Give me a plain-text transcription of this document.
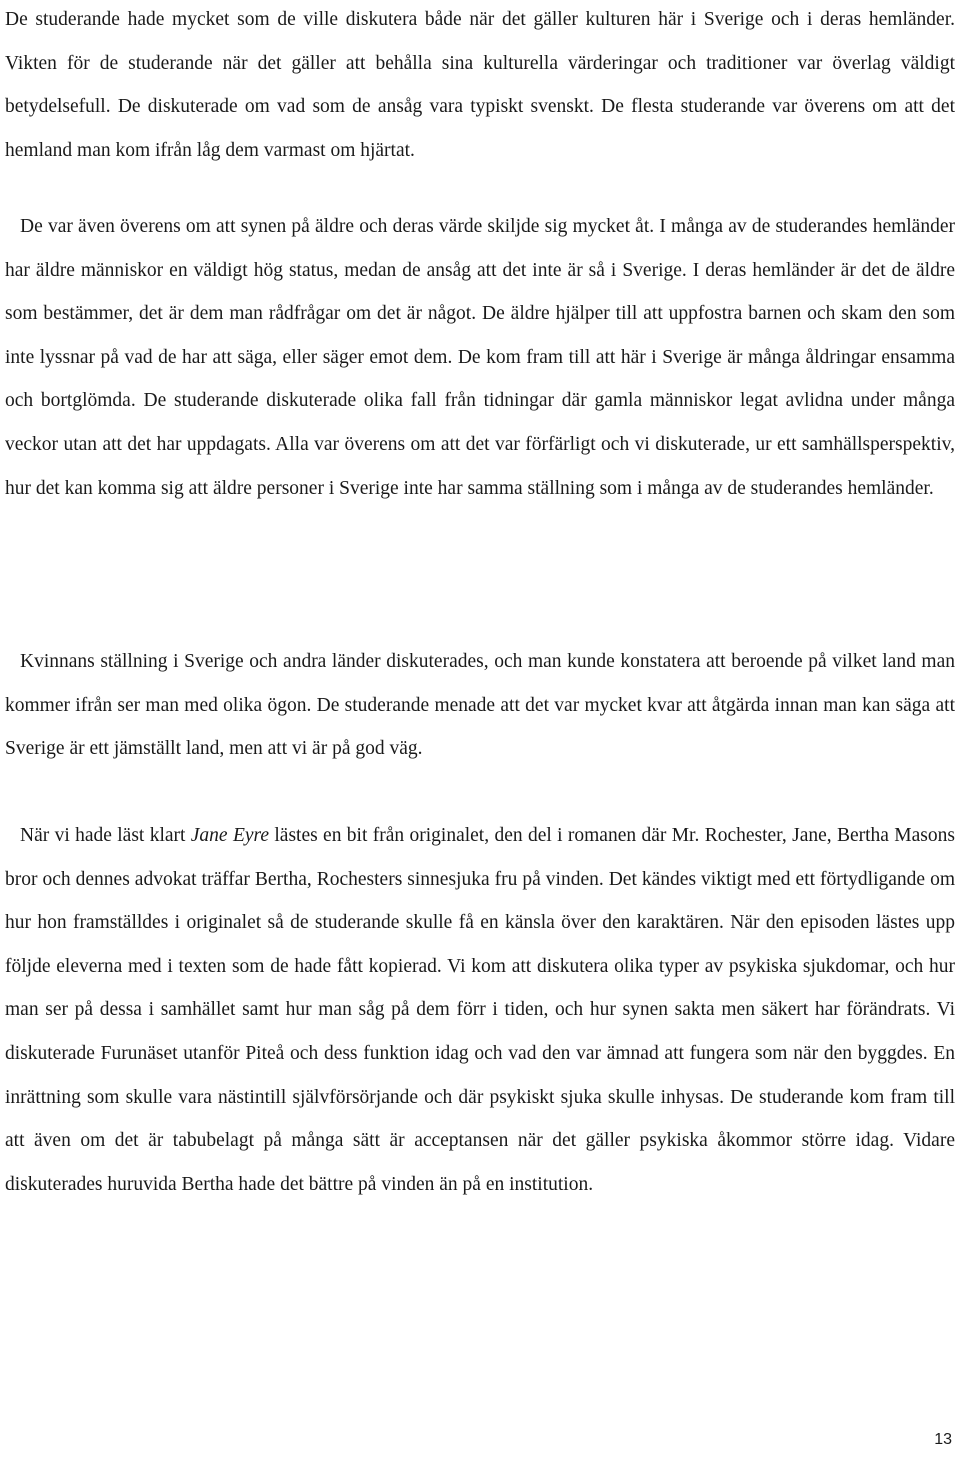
De studerande hade mycket som de ville diskutera både när det gäller kulturen här i Sverige och i deras hemländer. Vikten för de studerande när det gäller att behålla sina kulturella värderingar och traditioner var överlag väldigt betydelsefull. De diskuterade om vad som de ansåg vara typiskt svenskt. De flesta studerande var överens om att det hemland man kom ifrån låg dem varmast om hjärtat.

De var även överens om att synen på äldre och deras värde skiljde sig mycket åt. I många av de studerandes hemländer har äldre människor en väldigt hög status, medan de ansåg att det inte är så i Sverige. I deras hemländer är det de äldre som bestämmer, det är dem man rådfrågar om det är något. De äldre hjälper till att uppfostra barnen och skam den som inte lyssnar på vad de har att säga, eller säger emot dem. De kom fram till att här i Sverige är många åldringar ensamma och bortglömda. De studerande diskuterade olika fall från tidningar där gamla människor legat avlidna under många veckor utan att det har uppdagats. Alla var överens om att det var förfärligt och vi diskuterade, ur ett samhällsperspektiv, hur det kan komma sig att äldre personer i Sverige inte har samma ställning som i många av de studerandes hemländer.

Kvinnans ställning i Sverige och andra länder diskuterades, och man kunde konstatera att beroende på vilket land man kommer ifrån ser man med olika ögon. De studerande menade att det var mycket kvar att åtgärda innan man kan säga att Sverige är ett jämställt land, men att vi är på god väg.

När vi hade läst klart Jane Eyre lästes en bit från originalet, den del i romanen där Mr. Rochester, Jane, Bertha Masons bror och dennes advokat träffar Bertha, Rochesters sinnesjuka fru på vinden. Det kändes viktigt med ett förtydligande om hur hon framställdes i originalet så de studerande skulle få en känsla över den karaktären. När den episoden lästes upp följde eleverna med i texten som de hade fått kopierad. Vi kom att diskutera olika typer av psykiska sjukdomar, och hur man ser på dessa i samhället samt hur man såg på dem förr i tiden, och hur synen sakta men säkert har förändrats. Vi diskuterade Furunäset utanför Piteå och dess funktion idag och vad den var ämnad att fungera som när den byggdes. En inrättning som skulle vara nästintill självförsörjande och där psykiskt sjuka skulle inhysas. De studerande kom fram till att även om det är tabubelagt på många sätt är acceptansen när det gäller psykiska åkommor större idag. Vidare diskuterades huruvida Bertha hade det bättre på vinden än på en institution.

13
